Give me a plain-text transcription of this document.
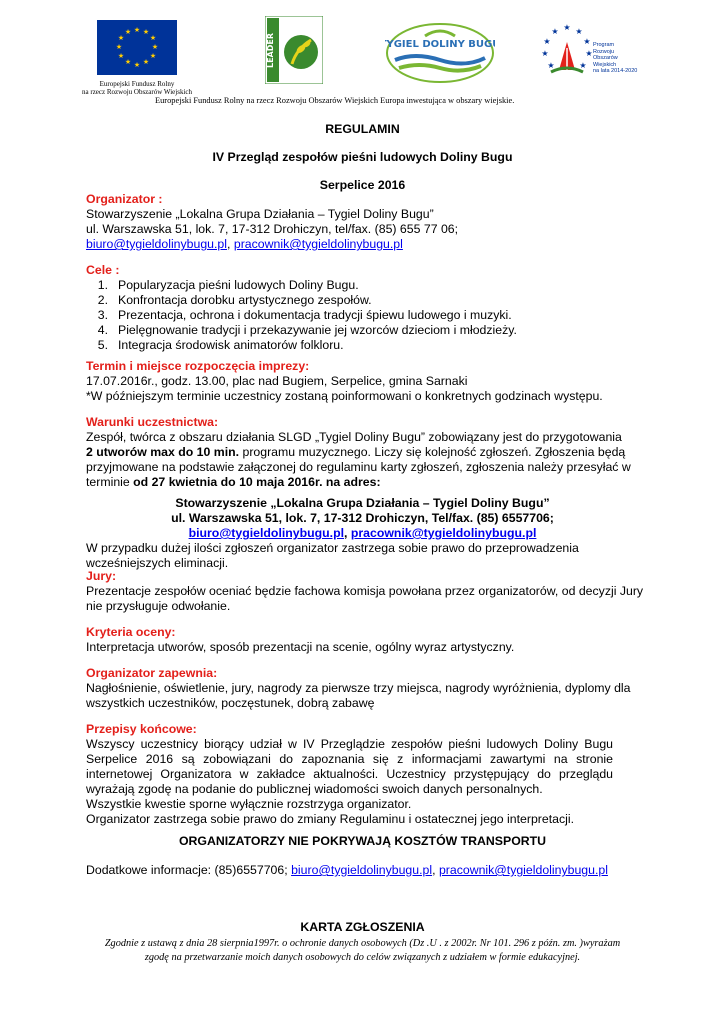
★ ★
★
★
★
★
★
★
★
★
★
★
Europejski Fundusz Rolny
na rzecz Rozwoju Obszarów Wiejskich
LEADER	TYGIEL DOLINY BUGU
★ ★
★
★
★
★
★
★
★
Program
Rozwoju
Obszarów
Wiejskich
na lata 2014-2020
Europejski Fundusz Rolny na rzecz Rozwoju Obszarów Wiejskich Europa inwestująca w obszary wiejskie.
REGULAMIN
IV Przegląd zespołów pieśni ludowych Doliny Bugu
Serpelice 2016
Organizator :
Stowarzyszenie „Lokalna Grupa Działania – Tygiel Doliny Bugu”
ul. Warszawska 51, lok. 7, 17-312 Drohiczyn, tel/fax. (85) 655 77 06;
biuro@tygieldolinybugu.pl, pracownik@tygieldolinybugu.pl
Cele :
1. Popularyzacja pieśni ludowych Doliny Bugu.
2. Konfrontacja dorobku artystycznego zespołów.
3. Prezentacja, ochrona i dokumentacja tradycji śpiewu ludowego i muzyki.
4. Pielęgnowanie tradycji i przekazywanie jej wzorców dzieciom i młodzieży.
5. Integracja środowisk animatorów folkloru.
Termin i miejsce rozpoczęcia imprezy:
17.07.2016r., godz. 13.00, plac nad Bugiem, Serpelice, gmina Sarnaki
*W późniejszym terminie uczestnicy zostaną poinformowani o konkretnych godzinach występu.
Warunki uczestnictwa:
Zespół, twórca z obszaru działania SLGD „Tygiel Doliny Bugu” zobowiązany jest do przygotowania
2 utworów max do 10 min. programu muzycznego. Liczy się kolejność zgłoszeń. Zgłoszenia będą
przyjmowane na podstawie załączonej do regulaminu karty zgłoszeń, zgłoszenia należy przesyłać w
terminie od 27 kwietnia do 10 maja 2016r. na adres:
Stowarzyszenie „Lokalna Grupa Działania – Tygiel Doliny Bugu”
ul. Warszawska 51, lok. 7, 17-312 Drohiczyn, Tel/fax. (85) 6557706;
biuro@tygieldolinybugu.pl, pracownik@tygieldolinybugu.pl
W przypadku dużej ilości zgłoszeń organizator zastrzega sobie prawo do przeprowadzenia
wcześniejszych eliminacji.
Jury:
Prezentacje zespołów oceniać będzie fachowa komisja powołana przez organizatorów, od decyzji Jury
nie przysługuje odwołanie.
Kryteria oceny:
Interpretacja utworów, sposób prezentacji na scenie, ogólny wyraz artystyczny.
Organizator zapewnia:
Nagłośnienie, oświetlenie, jury, nagrody za pierwsze trzy miejsca, nagrody wyróżnienia, dyplomy dla
wszystkich uczestników, poczęstunek, dobrą zabawę
Przepisy końcowe:
Wszyscy uczestnicy biorący udział w IV Przeglądzie zespołów pieśni ludowych Doliny Bugu Serpelice 2016 są zobowiązani do zapoznania się z informacjami zawartymi na stronie internetowej Organizatora w zakładce aktualności. Uczestnicy przystępujący do przeglądu wyrażają zgodę na podanie do publicznej wiadomości swoich danych personalnych.
Wszystkie kwestie sporne wyłącznie rozstrzyga organizator.
Organizator zastrzega sobie prawo do zmiany Regulaminu i ostatecznej jego interpretacji.
ORGANIZATORZY NIE POKRYWAJĄ KOSZTÓW TRANSPORTU
Dodatkowe informacje: (85)6557706; biuro@tygieldolinybugu.pl, pracownik@tygieldolinybugu.pl
KARTA ZGŁOSZENIA
Zgodnie z ustawą z dnia 28 sierpnia1997r. o ochronie danych osobowych (Dz .U . z 2002r. Nr 101. 296 z późn. zm. )wyrażam
zgodę na przetwarzanie moich danych osobowych do celów związanych z udziałem w formie edukacyjnej.
